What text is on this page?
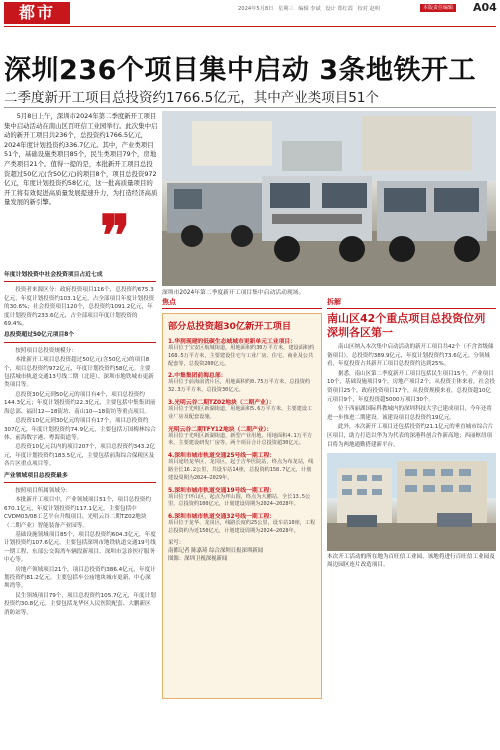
都市	2024年5月8日 星期三 编辑 李斌 设计 郑红霞 校对 赵明	本版责任编辑 A04
深圳236个项目集中启动 3条地铁开工
二季度新开工项目总投资约1766.5亿元，其中产业类项目51个
5月8日上午，深圳市2024年第二季度新开工项目集中启动活动在南山区百旺信工业园举行。此次集中启动的新开工项目共236个，总投资约1766.5亿元，2024年度计划投资约336.7亿元。其中，产业类项目51个，基础设施类项目85个，民生类项目79个，房地产类项目21个。值得一提的是，本批新开工项目总投资超过50亿元(含50亿元)的项目8个，项目总投资972亿元，年度计划投资约58亿元，这一批高质量项目的开工将有效促进高质量发展提速升力，为打造经济高质量发展的新引擎。
❞
深圳市2024年第二季度新开工项目集中启动活动现场。
年度计划投资中社会投资项目占近七成

投资者来源区分：政府投资项目116个，总投资约675.3亿元，年度计划投资约103.1亿元，占全部项目年度计划投资的30.6%；社会投资项目120个，总投资约1091.2亿元，年度计划投资约233.6亿元，占全部项目年度计划投资的69.4%。

总投资超过50亿元项目8个

按照项目总投资规模分：

本批新开工项目总投资超过50亿元(含50亿元)的项目8个，项目总投资约972亿元，年度计划投资约58亿元。主要包括城市轨道交通13号线二期（北延）、深圳市地铁城市更新类项目等。

总投资30亿元到50亿元的项目有4个，项目总投资约144.3亿元；年度计划投资约22.3亿元，主要包括中集集团前海总部、福田12—18街坊、南山10—18街坊等重点项目。

总投资10亿元到30亿元的项目有17个，项目总投资约307亿元，年度计划投资约74.9亿元，主要包括万国梅林综合体、前海数字港、粤海街道等。

总投资10亿元以内的项目207个，项目总投资约343.2亿元，年度计划投资约183.5亿元，主要包括前海综合保税区及各片区重点项目等。

产业领域项目总投资最多

按照项目所属领域分：

本批新开工项目中，产业领域项目51个，项目总投资约670.1亿元，年度计划投资约117.1亿元。主要包括中CVDM03/08工艺平台升级项目、光明云谷二期TZ02地块（二期产业）智能装备产业园等。

基础设施领域项目85个，项目总投资约604.3亿元，年度计划投资约107.6亿元。主要包括深圳市地铁轨道交通19号线一期工程、东部公交海湾车辆段新项目、深圳市急诊医疗服务中心等。

房地产领域项目21个，项目总投资约386.4亿元，年度计划投资约81.2亿元。主要包括车公庙地块城市更新、中心深圳湾等。

民生领域项目79个，项目总投资约105.7亿元，年度计划投资约30.8亿元。主要包括龙华区人民医院配套、大鹏新区消防站等。

焦点
部分总投资超30亿新开工项目
1.华润现建的低碳生态城城市更新单元工业项目：
项目位于宝安区航城街道，用地面积约30万平方米，建设面积约168.5万平方米，主要建设住宅与工业厂房、住宅、商业及公共配套等，总投资200亿元。
2.中集集团前海总部：
项目位于前海前湾片区，用地面积约0.75万平方米，总投资约32.3万平方米，总投资30亿元。
3.光明云谷二期TZ02地块（二期产业）：
项目位于光明区新湖街道，用地面积5.6万平方米，主要建设工业厂房及配套设施。
光明云谷二期TFY12地块（二期产业）：
项目位于光明区新湖街道，新型产业用地，用地面积4.1万平方米，主要建设研发厂房等。两个项目合计总投资超30亿元。
4.深圳市城市轨道交通25号线一期工程：
项目途经龙华区、龙岗区，起于吉华医院站，终点为布龙站，线路全长16.2公里，共设车站14座，总投资约158.7亿元，计划建设周期为2024—2029年。
5.深圳市城市轨道交通19号线一期工程：
项目位于坪山区，起点为坪山围，终点为大鹏站，全长13.5公里，总投资约100亿元，计划建设周期为2024—2028年。
6.深圳市城市轨道交通32号线一期工程：
项目位于龙华、龙岗区，线路长度约25公里，设车站10座，工程总投资约为近150亿元，计划建设周期为2024—2028年。
采写：
南都记者 陈嘉琦 综合深圳日报深圳新闻
图源：深圳卫视深视新闻
拆解
南山区42个重点项目总投资位列深圳各区第一

南山区纳入本次集中启动活动的新开工项目共42个（不含省级储备项目）。总投资约389.9亿元，年度计划投资约73.6亿元。分领域看，年度投资占其新开工项目总投资约达到25%。

据悉，南山区第二季度新开工项目包括民生项目15个，产业项目10个，基础设施项目9个，房地产项目2个，从投资主体来看，社会投资项目25个，政府投资项目17个，从投资规模来看，总投资超10亿元项目9个，年度投资超5000万项目30个。

位于西丽湖国际科教城内的深圳科技大学已建成项目，今年还将进一步推进二期建设。该建设项目总投资约19亿元。

此外，本次新开工项目还包括投资约21.1亿元的垂直城市综合片区项目，助力打造以华为为代表的深港科创合作新高地；西丽枢纽项目将为两地通勤搭建新平台。

本次开工活动的所在地为百旺信工业园，该地将进行百旺信工业园及周边园区连片改造项目。
